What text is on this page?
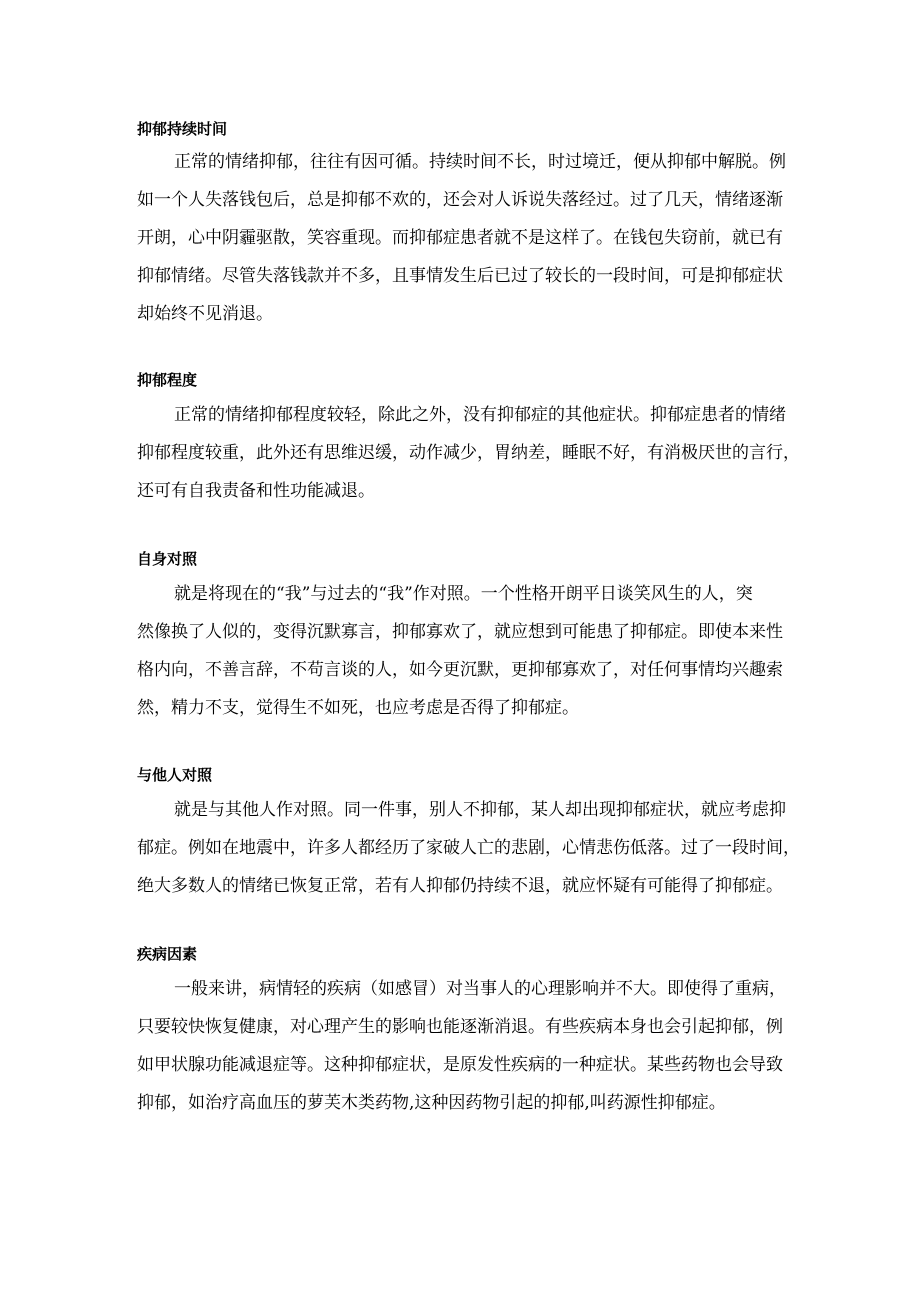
抑郁持续时间
正常的情绪抑郁，往往有因可循。持续时间不长，时过境迁，便从抑郁中解脱。例
如一个人失落钱包后，总是抑郁不欢的，还会对人诉说失落经过。过了几天，情绪逐渐
开朗，心中阴霾驱散，笑容重现。而抑郁症患者就不是这样了。在钱包失窃前，就已有
抑郁情绪。尽管失落钱款并不多，且事情发生后已过了较长的一段时间，可是抑郁症状
却始终不见消退。
抑郁程度
正常的情绪抑郁程度较轻，除此之外，没有抑郁症的其他症状。抑郁症患者的情绪
抑郁程度较重，此外还有思维迟缓，动作减少，胃纳差，睡眠不好，有消极厌世的言行，
还可有自我责备和性功能减退。
自身对照
就是将现在的“我”与过去的“我”作对照。一个性格开朗平日谈笑风生的人，突
然像换了人似的，变得沉默寡言，抑郁寡欢了，就应想到可能患了抑郁症。即使本来性
格内向，不善言辞，不苟言谈的人，如今更沉默，更抑郁寡欢了，对任何事情均兴趣索
然，精力不支，觉得生不如死，也应考虑是否得了抑郁症。
与他人对照
就是与其他人作对照。同一件事，别人不抑郁，某人却出现抑郁症状，就应考虑抑
郁症。例如在地震中，许多人都经历了家破人亡的悲剧，心情悲伤低落。过了一段时间，
绝大多数人的情绪已恢复正常，若有人抑郁仍持续不退，就应怀疑有可能得了抑郁症。
疾病因素
一般来讲，病情轻的疾病（如感冒）对当事人的心理影响并不大。即使得了重病，
只要较快恢复健康，对心理产生的影响也能逐渐消退。有些疾病本身也会引起抑郁，例
如甲状腺功能减退症等。这种抑郁症状，是原发性疾病的一种症状。某些药物也会导致
抑郁，如治疗高血压的萝芙木类药物,这种因药物引起的抑郁,叫药源性抑郁症。
